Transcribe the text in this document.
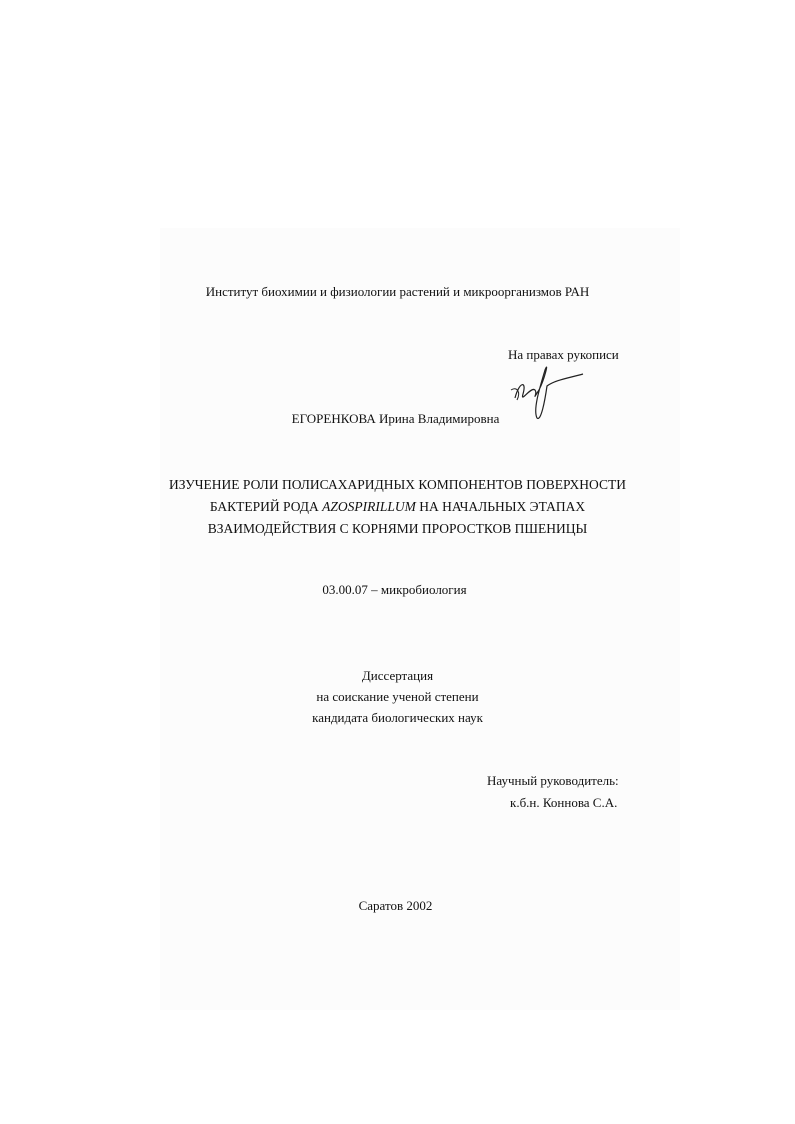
Институт биохимии и физиологии растений и микроорганизмов РАН
На правах рукописи
ЕГОРЕНКОВА Ирина Владимировна
ИЗУЧЕНИЕ РОЛИ ПОЛИСАХАРИДНЫХ КОМПОНЕНТОВ ПОВЕРХНОСТИ
БАКТЕРИЙ РОДА AZOSPIRILLUM НА НАЧАЛЬНЫХ ЭТАПАХ
ВЗАИМОДЕЙСТВИЯ С КОРНЯМИ ПРОРОСТКОВ ПШЕНИЦЫ
03.00.07 – микробиология
Диссертация
на соискание ученой степени
кандидата биологических наук
Научный руководитель:
к.б.н. Коннова С.А.
Саратов 2002
